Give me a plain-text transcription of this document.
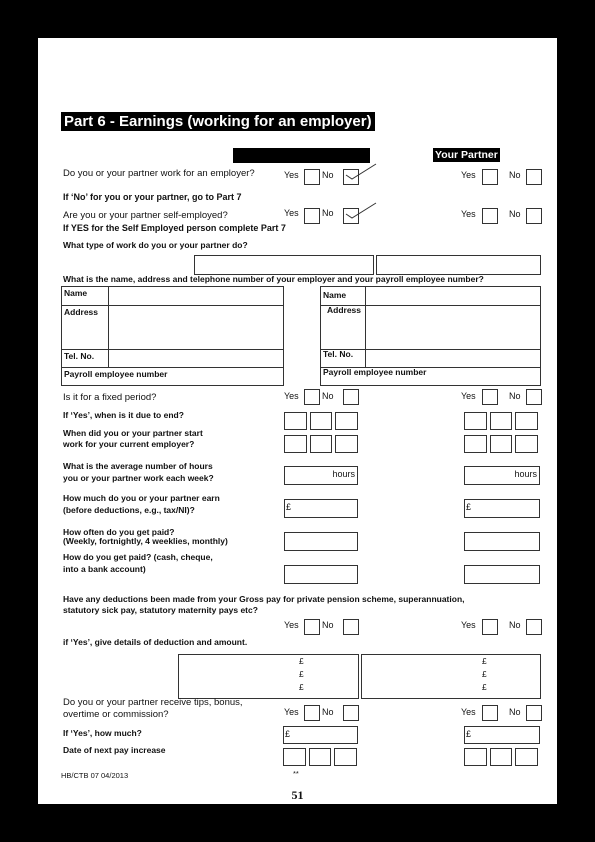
Part 6 - Earnings (working for an employer)
Your Partner
Do you or your partner work for an employer?	Yes	No	Yes	No
If ‘No’ for you or your partner, go to Part 7
Are you or your partner self-employed?	Yes	No	Yes	No
If YES for the Self Employed person complete Part 7
What type of work do you or your partner do?
What is the name, address and telephone number of your employer and your payroll employee number?
Name
Address
Tel. No.
Payroll employee number
Name
Address
Tel. No.
Payroll employee number
Is it for a fixed period?	Yes	No	Yes	No
If ‘Yes’, when is it due to end?
When did you or your partner start
work for your current employer?
What is the average number of hours
you or your partner work each week?	hours	hours
How much do you or your partner earn
(before deductions, e.g., tax/NI)?	£	£
How often do you get paid?
(Weekly, fortnightly, 4 weeklies, monthly)
How do you get paid? (cash, cheque,
into a bank account)
Have any deductions been made from your Gross pay for private pension scheme, superannuation,
statutory sick pay, statutory maternity pays etc?
Yes	No	Yes	No
if ‘Yes’, give details of deduction and amount.
£
£
£
£
£
£
Do you or your partner receive tips, bonus,
overtime or commission?	Yes	No	Yes	No
If ‘Yes’, how much?	£	£
Date of next pay increase
HB/CTB 07 04/2013	**
51
